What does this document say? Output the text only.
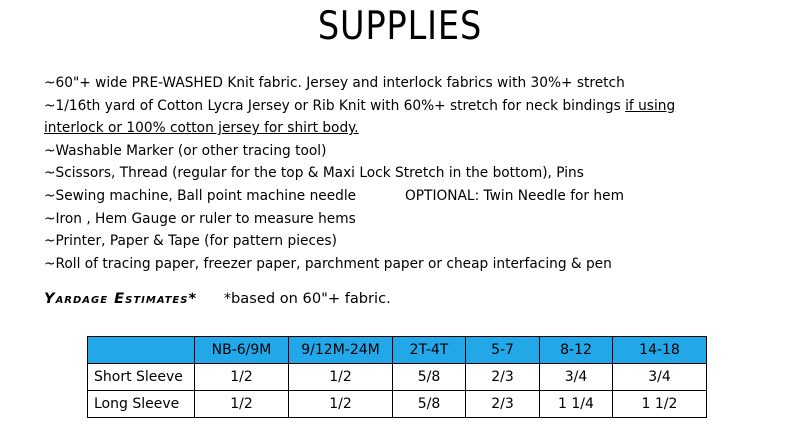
SUPPLIES
~60"+ wide PRE-WASHED Knit fabric. Jersey and interlock fabrics with 30%+ stretch
~1/16th yard of Cotton Lycra Jersey or Rib Knit with 60%+ stretch for neck bindings if using
interlock or 100% cotton jersey for shirt body.
~Washable Marker (or other tracing tool)
~Scissors, Thread (regular for the top & Maxi Lock Stretch in the bottom), Pins
~Sewing machine, Ball point machine needle	OPTIONAL: Twin Needle for hem
~Iron , Hem Gauge or ruler to measure hems
~Printer, Paper & Tape (for pattern pieces)
~Roll of tracing paper, freezer paper, parchment paper or cheap interfacing & pen
Yardage Estimates* *based on 60"+ fabric.
	NB-6/9M	9/12M-24M	2T-4T	5-7	8-12	14-18
Short Sleeve	1/2	1/2	5/8	2/3	3/4	3/4
Long Sleeve	1/2	1/2	5/8	2/3	1 1/4	1 1/2
